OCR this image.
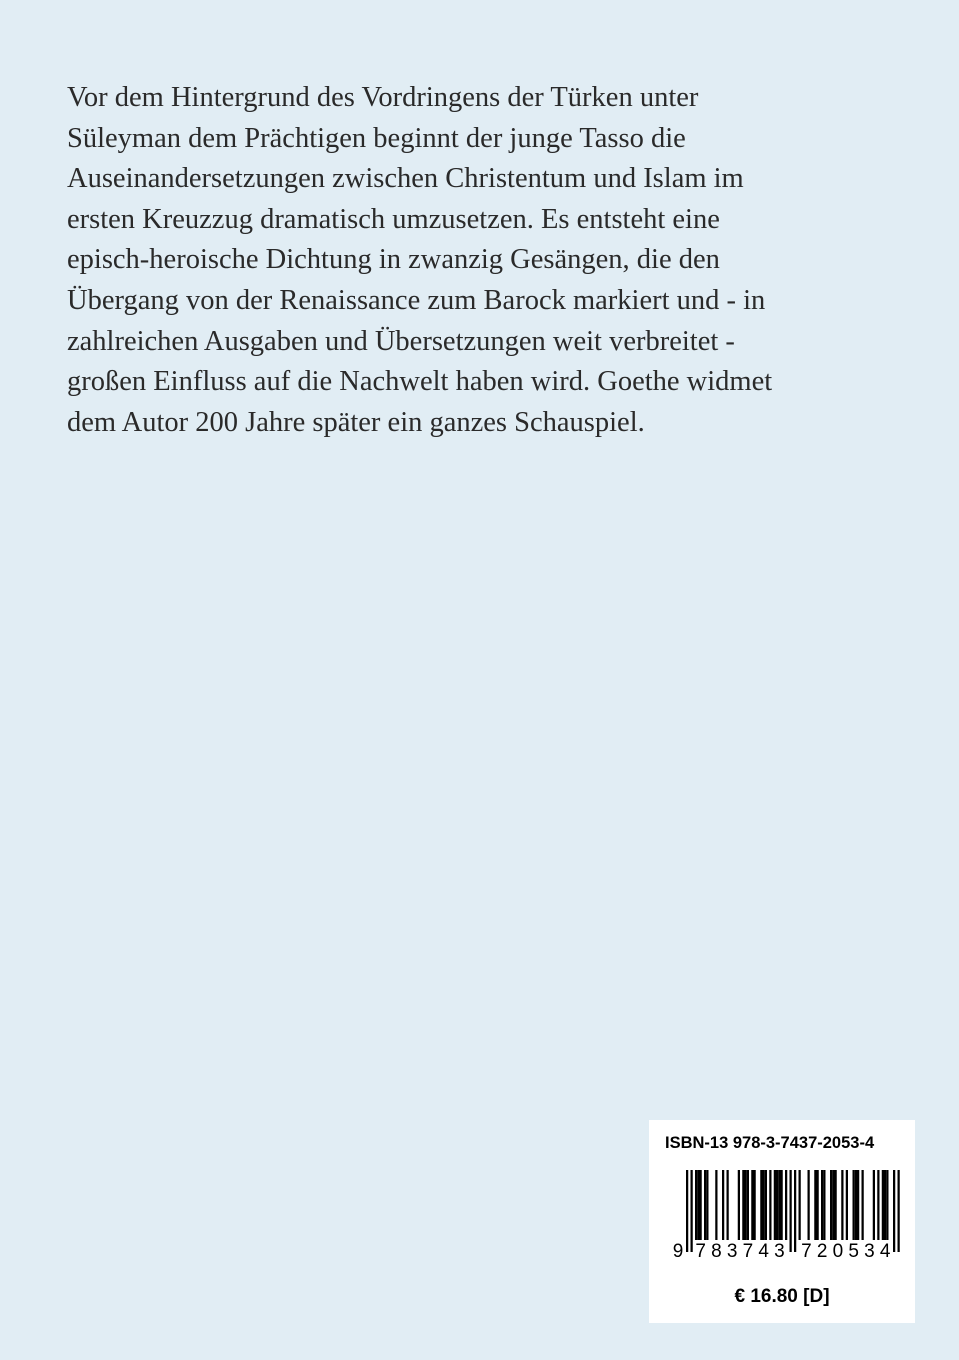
Vor dem Hintergrund des Vordringens der Türken unter
Süleyman dem Prächtigen beginnt der junge Tasso die
Auseinandersetzungen zwischen Christentum und Islam im
ersten Kreuzzug dramatisch umzusetzen. Es entsteht eine
episch-heroische Dichtung in zwanzig Gesängen, die den
Übergang von der Renaissance zum Barock markiert und - in
zahlreichen Ausgaben und Übersetzungen weit verbreitet -
großen Einfluss auf die Nachwelt haben wird. Goethe widmet
dem Autor 200 Jahre später ein ganzes Schauspiel.
ISBN-13 978-3-7437-2053-4
9 7 8 3 7 4 3 7 2 0 5 3 4
€ 16.80 [D]
